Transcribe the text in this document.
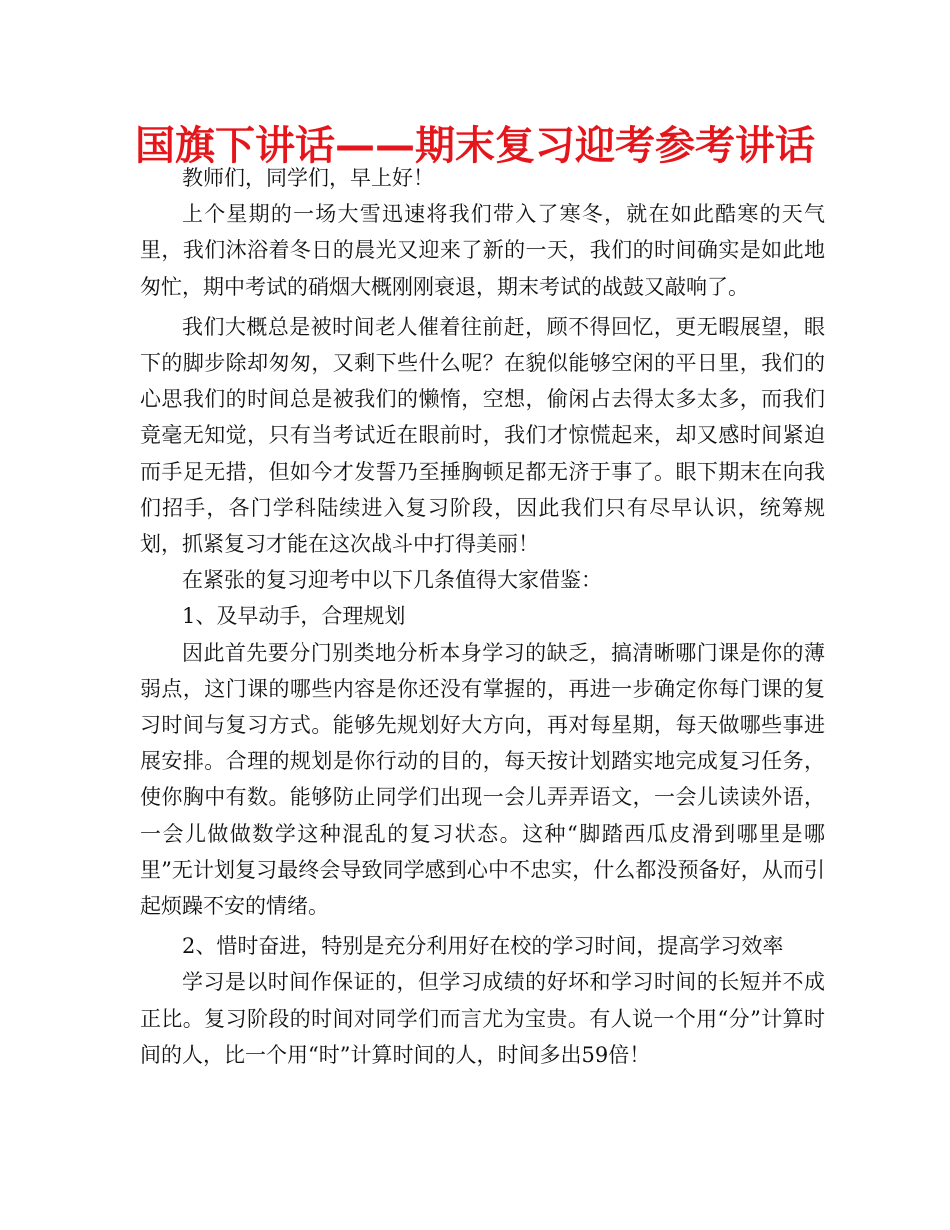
国旗下讲话——期末复习迎考参考讲话

教师们，同学们，早上好！

上个星期的一场大雪迅速将我们带入了寒冬，就在如此酷寒的天气里，我们沐浴着冬日的晨光又迎来了新的一天，我们的时间确实是如此地匆忙，期中考试的硝烟大概刚刚衰退，期末考试的战鼓又敲响了。

我们大概总是被时间老人催着往前赶，顾不得回忆，更无暇展望，眼下的脚步除却匆匆，又剩下些什么呢？在貌似能够空闲的平日里，我们的心思我们的时间总是被我们的懒惰，空想，偷闲占去得太多太多，而我们竟毫无知觉，只有当考试近在眼前时，我们才惊慌起来，却又感时间紧迫而手足无措，但如今才发誓乃至捶胸顿足都无济于事了。眼下期末在向我们招手，各门学科陆续进入复习阶段，因此我们只有尽早认识，统筹规划，抓紧复习才能在这次战斗中打得美丽！

在紧张的复习迎考中以下几条值得大家借鉴：

1、及早动手，合理规划

因此首先要分门别类地分析本身学习的缺乏，搞清晰哪门课是你的薄弱点，这门课的哪些内容是你还没有掌握的，再进一步确定你每门课的复习时间与复习方式。能够先规划好大方向，再对每星期，每天做哪些事进展安排。合理的规划是你行动的目的，每天按计划踏实地完成复习任务，使你胸中有数。能够防止同学们出现一会儿弄弄语文，一会儿读读外语，一会儿做做数学这种混乱的复习状态。这种“脚踏西瓜皮滑到哪里是哪里”无计划复习最终会导致同学感到心中不忠实，什么都没预备好，从而引起烦躁不安的情绪。

2、惜时奋进，特别是充分利用好在校的学习时间，提高学习效率

学习是以时间作保证的，但学习成绩的好坏和学习时间的长短并不成正比。复习阶段的时间对同学们而言尤为宝贵。有人说一个用“分”计算时间的人，比一个用“时”计算时间的人，时间多出59倍！
